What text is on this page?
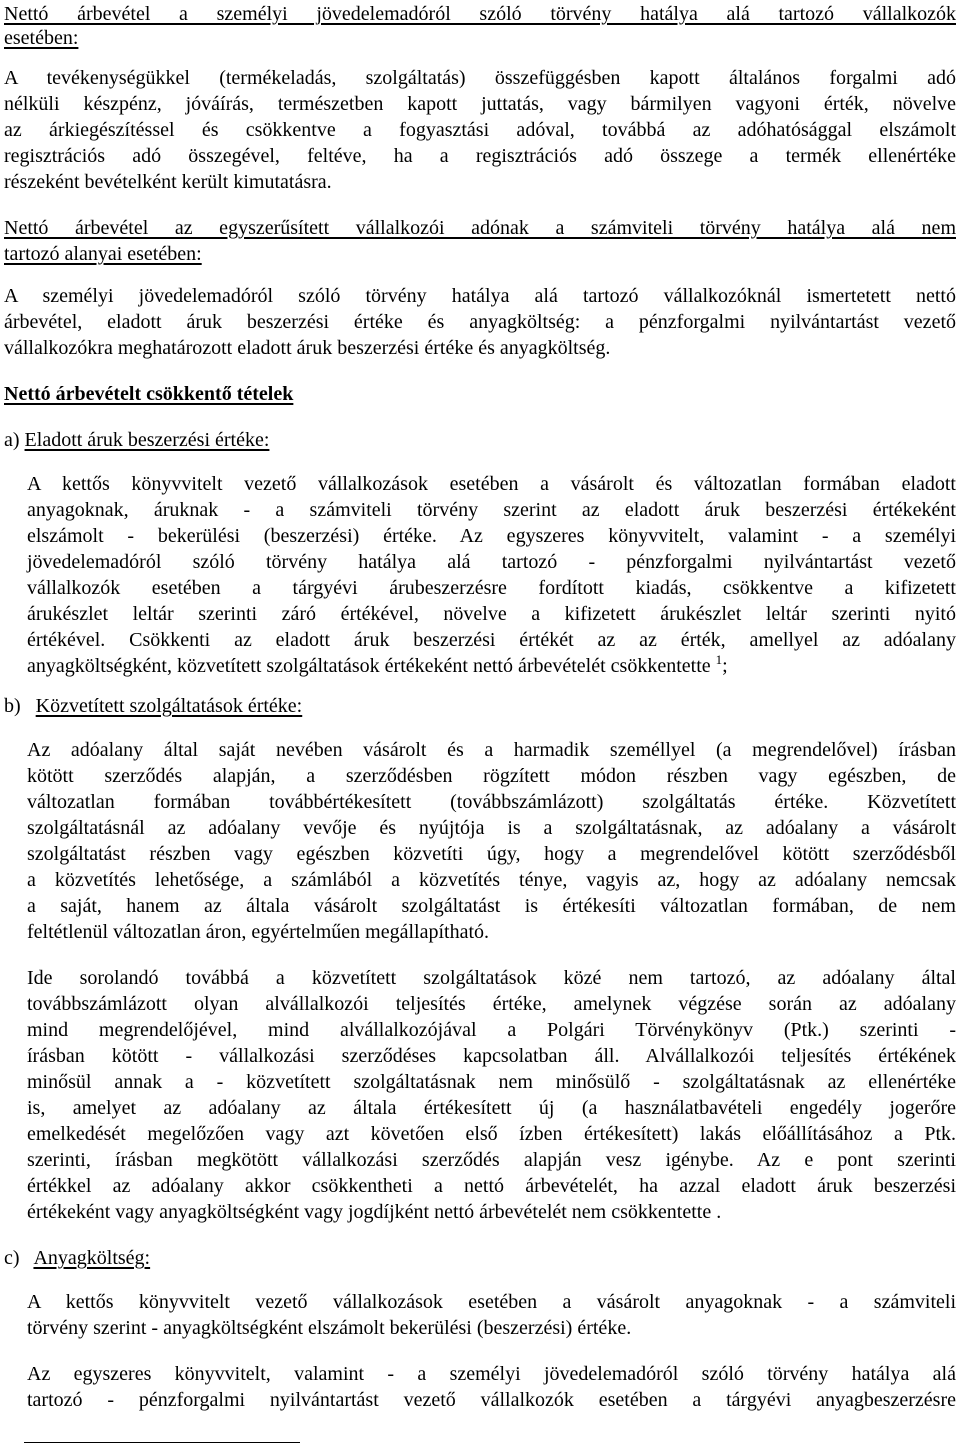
Nettó árbevétel a személyi jövedelemadóról szóló törvény hatálya alá tartozó vállalkozók
esetében:
A tevékenységükkel (termékeladás, szolgáltatás) összefüggésben kapott általános forgalmi adó
nélküli készpénz, jóváírás, természetben kapott juttatás, vagy bármilyen vagyoni érték, növelve
az árkiegészítéssel és csökkentve a fogyasztási adóval, továbbá az adóhatósággal elszámolt
regisztrációs adó összegével, feltéve, ha a regisztrációs adó összege a termék ellenértéke
részeként bevételként került kimutatásra.
Nettó árbevétel az egyszerűsített vállalkozói adónak a számviteli törvény hatálya alá nem
tartozó alanyai esetében:
A személyi jövedelemadóról szóló törvény hatálya alá tartozó vállalkozóknál ismertetett nettó
árbevétel, eladott áruk beszerzési értéke és anyagköltség: a pénzforgalmi nyilvántartást vezető
vállalkozókra meghatározott eladott áruk beszerzési értéke és anyagköltség.
Nettó árbevételt csökkentő tételek
a) Eladott áruk beszerzési értéke:
A kettős könyvvitelt vezető vállalkozások esetében a vásárolt és változatlan formában eladott
anyagoknak, áruknak - a számviteli törvény szerint az eladott áruk beszerzési értékeként
elszámolt - bekerülési (beszerzési) értéke. Az egyszeres könyvvitelt, valamint - a személyi
jövedelemadóról szóló törvény hatálya alá tartozó - pénzforgalmi nyilvántartást vezető
vállalkozók esetében a tárgyévi árubeszerzésre fordított kiadás, csökkentve a kifizetett
árukészlet leltár szerinti záró értékével, növelve a kifizetett árukészlet leltár szerinti nyitó
értékével. Csökkenti az eladott áruk beszerzési értékét az az érték, amellyel az adóalany
anyagköltségként, közvetített szolgáltatások értékeként nettó árbevételét csökkentette $^1$;
b) Közvetített szolgáltatások értéke:
Az adóalany által saját nevében vásárolt és a harmadik személlyel (a megrendelővel) írásban
kötött szerződés alapján, a szerződésben rögzített módon részben vagy egészben, de
változatlan formában továbbértékesített (továbbszámlázott) szolgáltatás értéke. Közvetített
szolgáltatásnál az adóalany vevője és nyújtója is a szolgáltatásnak, az adóalany a vásárolt
szolgáltatást részben vagy egészben közvetíti úgy, hogy a megrendelővel kötött szerződésből
a közvetítés lehetősége, a számlából a közvetítés ténye, vagyis az, hogy az adóalany nemcsak
a saját, hanem az általa vásárolt szolgáltatást is értékesíti változatlan formában, de nem
feltétlenül változatlan áron, egyértelműen megállapítható.
Ide sorolandó továbbá a közvetített szolgáltatások közé nem tartozó, az adóalany által
továbbszámlázott olyan alvállalkozói teljesítés értéke, amelynek végzése során az adóalany
mind megrendelőjével, mind alvállalkozójával a Polgári Törvénykönyv (Ptk.) szerinti -
írásban kötött - vállalkozási szerződéses kapcsolatban áll. Alvállalkozói teljesítés értékének
minősül annak a - közvetített szolgáltatásnak nem minősülő - szolgáltatásnak az ellenértéke
is, amelyet az adóalany az általa értékesített új (a használatbavételi engedély jogerőre
emelkedését megelőzően vagy azt követően első ízben értékesített) lakás előállításához a Ptk.
szerinti, írásban megkötött vállalkozási szerződés alapján vesz igénybe. Az e pont szerinti
értékkel az adóalany akkor csökkentheti a nettó árbevételét, ha azzal eladott áruk beszerzési
értékeként vagy anyagköltségként vagy jogdíjként nettó árbevételét nem csökkentette .
c) Anyagköltség:
A kettős könyvvitelt vezető vállalkozások esetében a vásárolt anyagoknak - a számviteli
törvény szerint - anyagköltségként elszámolt bekerülési (beszerzési) értéke.
Az egyszeres könyvvitelt, valamint - a személyi jövedelemadóról szóló törvény hatálya alá
tartozó - pénzforgalmi nyilvántartást vezető vállalkozók esetében a tárgyévi anyagbeszerzésre
